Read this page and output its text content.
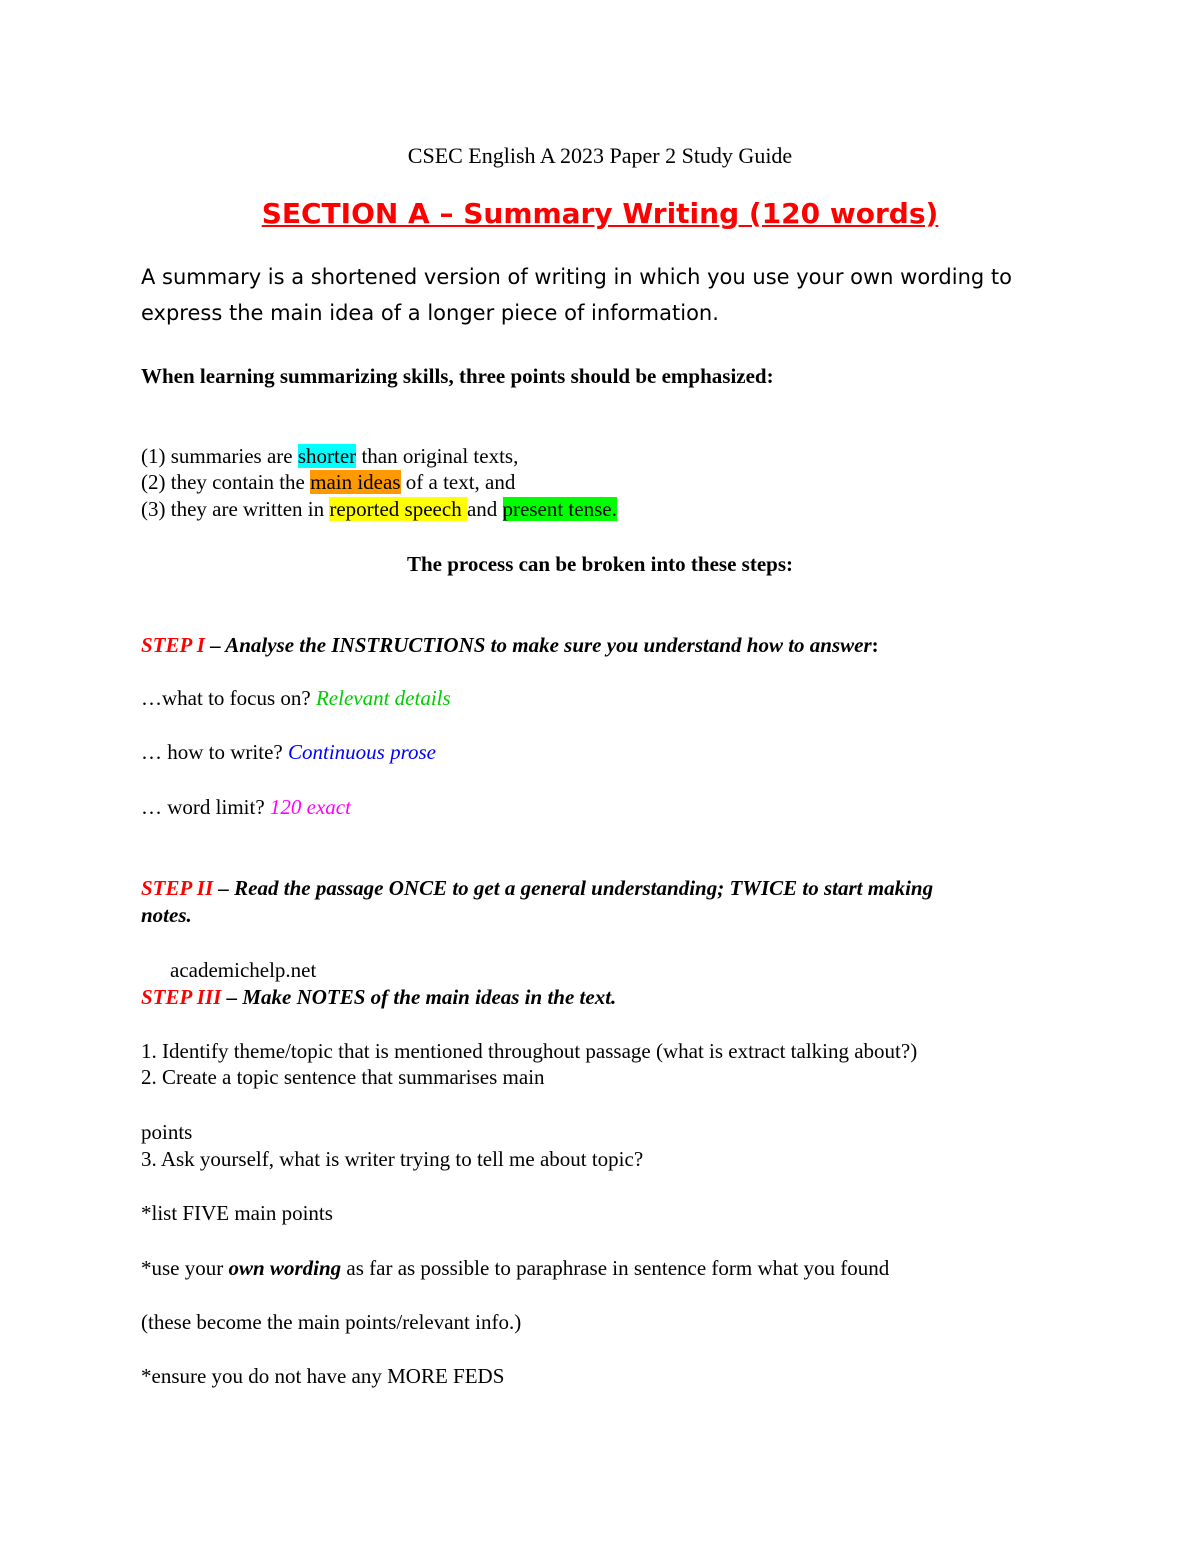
CSEC English A 2023 Paper 2 Study Guide
SECTION A – Summary Writing (120 words)
A summary is a shortened version of writing in which you use your own wording to
express the main idea of a longer piece of information.
When learning summarizing skills, three points should be emphasized:
(1) summaries are shorter than original texts,
(2) they contain the main ideas of a text, and
(3) they are written in reported speech and present tense.
The process can be broken into these steps:
STEP I – Analyse the INSTRUCTIONS to make sure you understand how to answer:
…what to focus on? Relevant details
… how to write? Continuous prose
… word limit? 120 exact
STEP II – Read the passage ONCE to get a general understanding; TWICE to start making
notes.
academichelp.net
STEP III – Make NOTES of the main ideas in the text.
1. Identify theme/topic that is mentioned throughout passage (what is extract talking about?)
2. Create a topic sentence that summarises main
points
3. Ask yourself, what is writer trying to tell me about topic?
*list FIVE main points
*use your own wording as far as possible to paraphrase in sentence form what you found
(these become the main points/relevant info.)
*ensure you do not have any MORE FEDS
